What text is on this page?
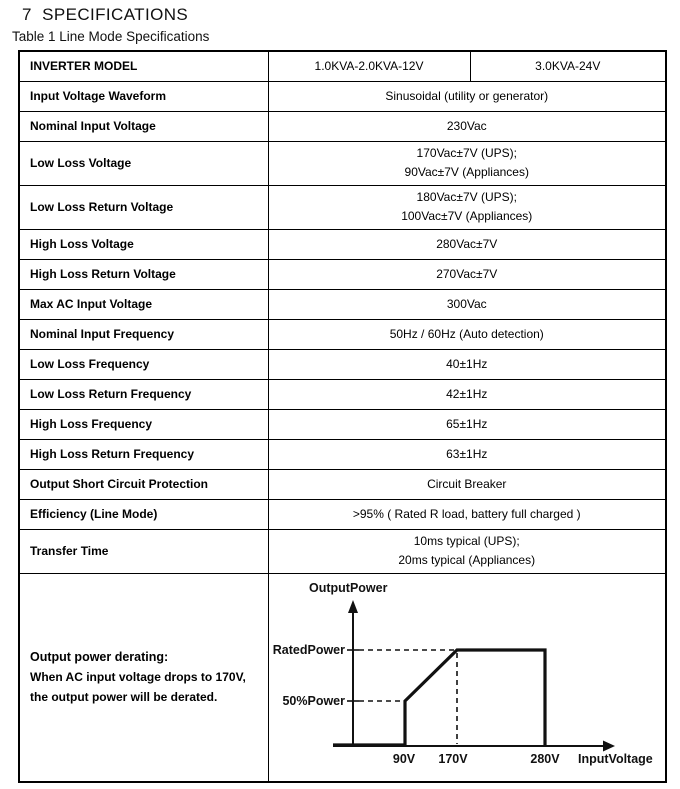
7  SPECIFICATIONS
Table 1 Line Mode Specifications
INVERTER MODEL	1.0KVA-2.0KVA-12V	3.0KVA-24V
Input Voltage Waveform	Sinusoidal (utility or generator)	
Nominal Input Voltage	230Vac	
Low Loss Voltage	170Vac±7V (UPS);
90Vac±7V (Appliances)	

Low Loss Return Voltage	180Vac±7V (UPS);
100Vac±7V (Appliances)	

High Loss Voltage	280Vac±7V	
High Loss Return Voltage	270Vac±7V	
Max AC Input Voltage	300Vac	
Nominal Input Frequency	50Hz / 60Hz (Auto detection)	
Low Loss Frequency	40±1Hz	
Low Loss Return Frequency	42±1Hz	
High Loss Frequency	65±1Hz	
High Loss Return Frequency	63±1Hz	
Output Short Circuit Protection	Circuit Breaker	
Efficiency (Line Mode)	>95% ( Rated R load, battery full charged )	
Transfer Time	10ms typical (UPS);
20ms typical (Appliances)	

Output power derating:
When AC input voltage drops to 170V,
the output power will be derated.

OutputPower
RatedPower
50%Power
90V 170V	280V InputVoltage
